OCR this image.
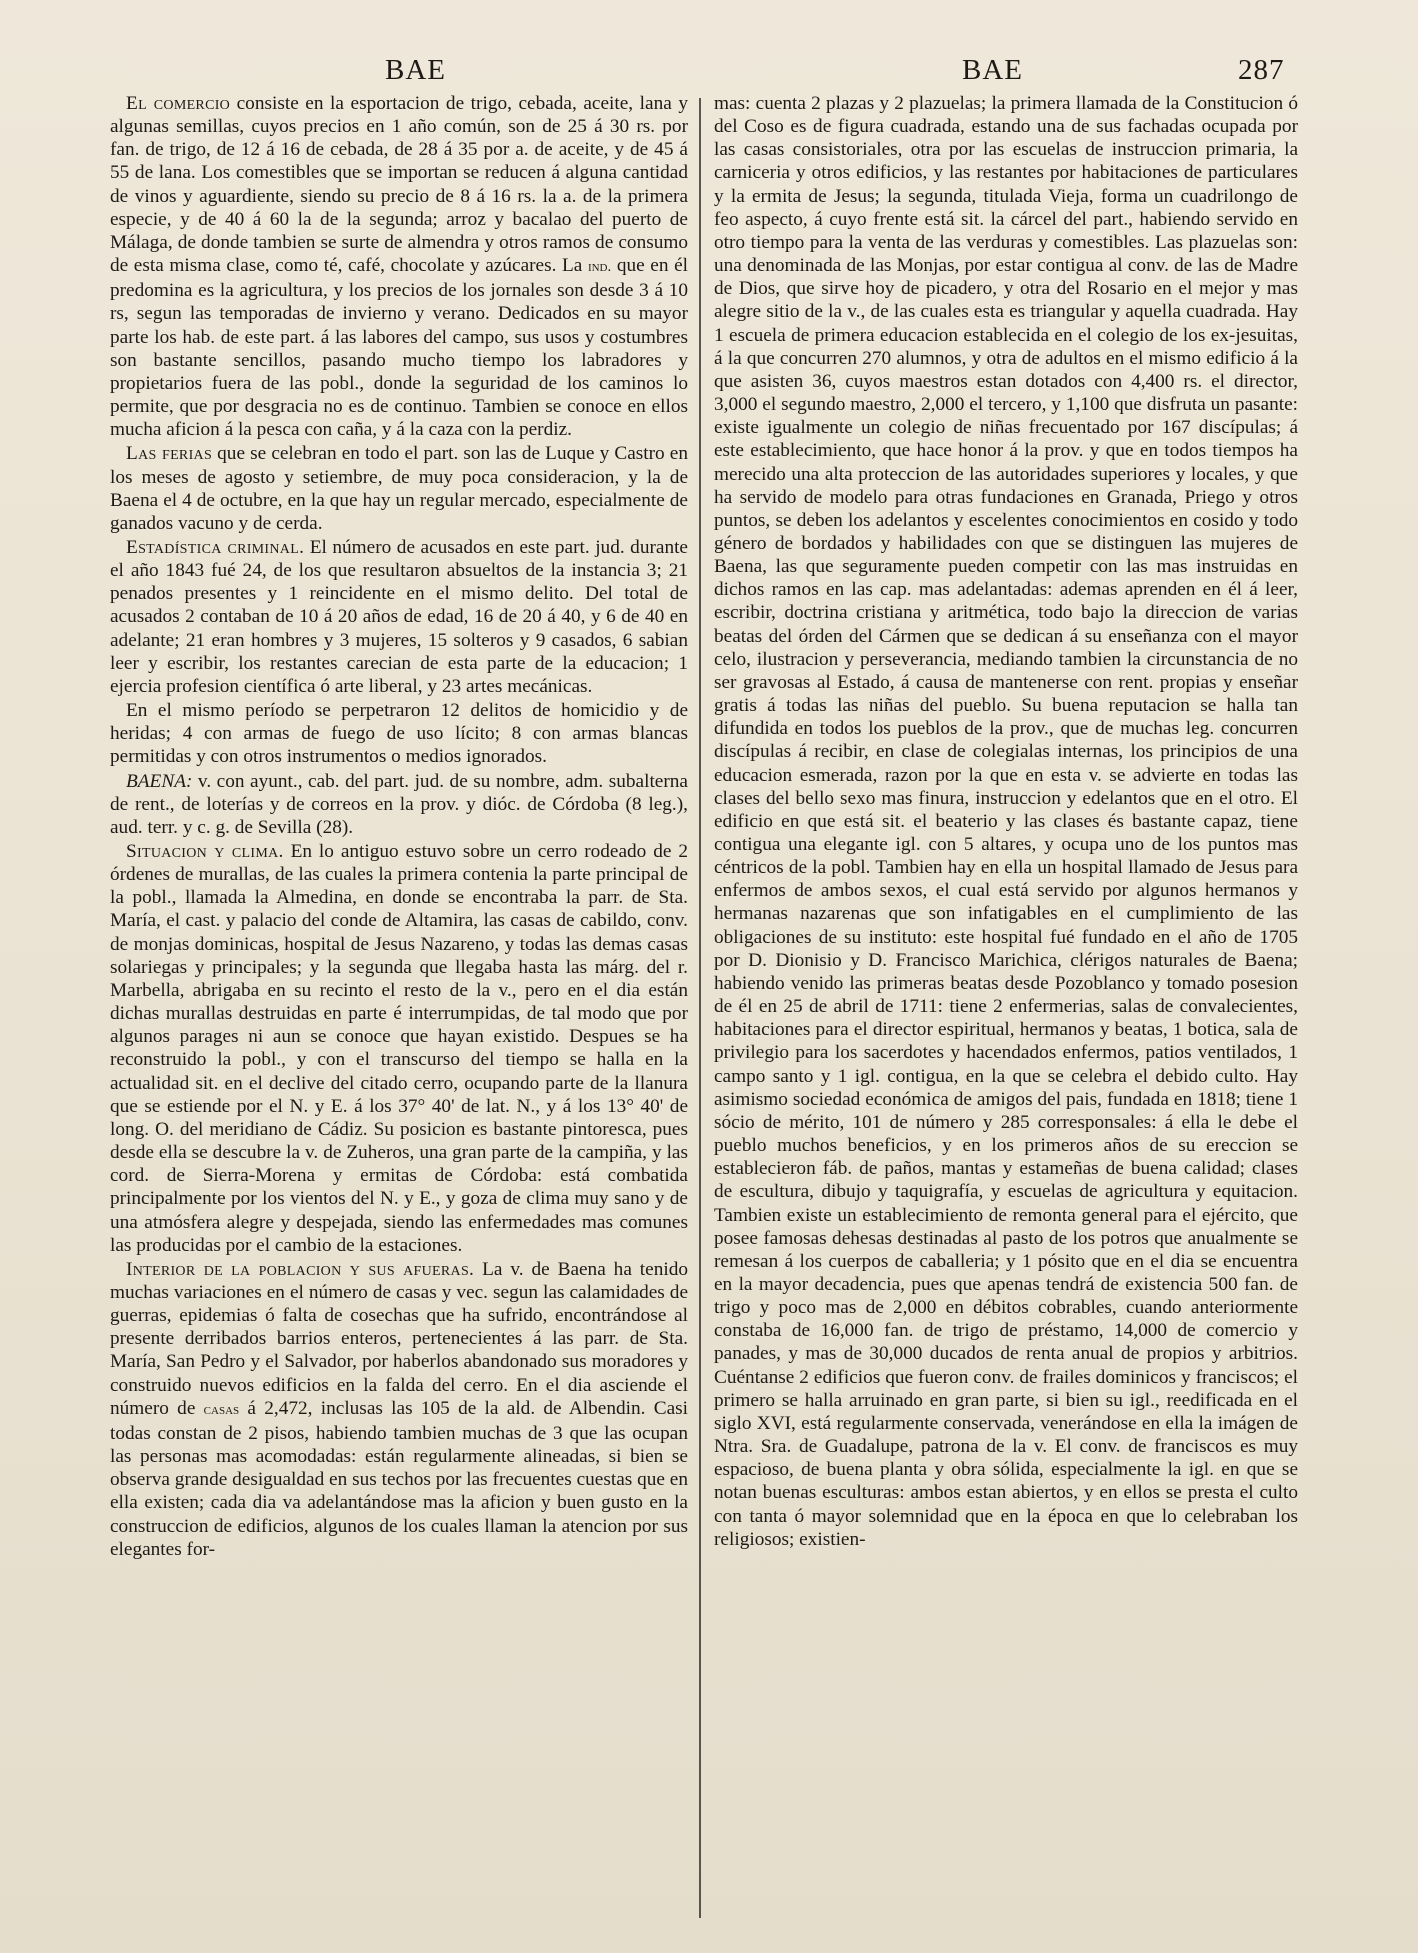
BAE	BAE	287

El comercio consiste en la esportacion de trigo, cebada, aceite, lana y algunas semillas, cuyos precios en 1 año común, son de 25 á 30 rs. por fan. de trigo, de 12 á 16 de cebada, de 28 á 35 por a. de aceite, y de 45 á 55 de lana. Los comestibles que se importan se reducen á alguna cantidad de vinos y aguardiente, siendo su precio de 8 á 16 rs. la a. de la primera especie, y de 40 á 60 la de la segunda; arroz y bacalao del puerto de Málaga, de donde tambien se surte de almendra y otros ramos de consumo de esta misma clase, como té, café, chocolate y azúcares. La ind. que en él predomina es la agricultura, y los precios de los jornales son desde 3 á 10 rs, segun las temporadas de invierno y verano. Dedicados en su mayor parte los hab. de este part. á las labores del campo, sus usos y costumbres son bastante sencillos, pasando mucho tiempo los labradores y propietarios fuera de las pobl., donde la seguridad de los caminos lo permite, que por desgracia no es de continuo. Tambien se conoce en ellos mucha aficion á la pesca con caña, y á la caza con la perdiz.

Las ferias que se celebran en todo el part. son las de Luque y Castro en los meses de agosto y setiembre, de muy poca consideracion, y la de Baena el 4 de octubre, en la que hay un regular mercado, especialmente de ganados vacuno y de cerda.

Estadística criminal. El número de acusados en este part. jud. durante el año 1843 fué 24, de los que resultaron absueltos de la instancia 3; 21 penados presentes y 1 reincidente en el mismo delito. Del total de acusados 2 contaban de 10 á 20 años de edad, 16 de 20 á 40, y 6 de 40 en adelante; 21 eran hombres y 3 mujeres, 15 solteros y 9 casados, 6 sabian leer y escribir, los restantes carecian de esta parte de la educacion; 1 ejercia profesion científica ó arte liberal, y 23 artes mecánicas.

En el mismo período se perpetraron 12 delitos de homicidio y de heridas; 4 con armas de fuego de uso lícito; 8 con armas blancas permitidas y con otros instrumentos o medios ignorados.

BAENA: v. con ayunt., cab. del part. jud. de su nombre, adm. subalterna de rent., de loterías y de correos en la prov. y dióc. de Córdoba (8 leg.), aud. terr. y c. g. de Sevilla (28).

Situacion y clima. En lo antiguo estuvo sobre un cerro rodeado de 2 órdenes de murallas, de las cuales la primera contenia la parte principal de la pobl., llamada la Almedina, en donde se encontraba la parr. de Sta. María, el cast. y palacio del conde de Altamira, las casas de cabildo, conv. de monjas dominicas, hospital de Jesus Nazareno, y todas las demas casas solariegas y principales; y la segunda que llegaba hasta las márg. del r. Marbella, abrigaba en su recinto el resto de la v., pero en el dia están dichas murallas destruidas en parte é interrumpidas, de tal modo que por algunos parages ni aun se conoce que hayan existido. Despues se ha reconstruido la pobl., y con el transcurso del tiempo se halla en la actualidad sit. en el declive del citado cerro, ocupando parte de la llanura que se estiende por el N. y E. á los 37° 40' de lat. N., y á los 13° 40' de long. O. del meridiano de Cádiz. Su posicion es bastante pintoresca, pues desde ella se descubre la v. de Zuheros, una gran parte de la campiña, y las cord. de Sierra-Morena y ermitas de Córdoba: está combatida principalmente por los vientos del N. y E., y goza de clima muy sano y de una atmósfera alegre y despejada, siendo las enfermedades mas comunes las producidas por el cambio de la estaciones.

Interior de la poblacion y sus afueras. La v. de Baena ha tenido muchas variaciones en el número de casas y vec. segun las calamidades de guerras, epidemias ó falta de cosechas que ha sufrido, encontrándose al presente derribados barrios enteros, pertenecientes á las parr. de Sta. María, San Pedro y el Salvador, por haberlos abandonado sus moradores y construido nuevos edificios en la falda del cerro. En el dia asciende el número de casas á 2,472, inclusas las 105 de la ald. de Albendin. Casi todas constan de 2 pisos, habiendo tambien muchas de 3 que las ocupan las personas mas acomodadas: están regularmente alineadas, si bien se observa grande desigualdad en sus techos por las frecuentes cuestas que en ella existen; cada dia va adelantándose mas la aficion y buen gusto en la construccion de edificios, algunos de los cuales llaman la atencion por sus elegantes for-

mas: cuenta 2 plazas y 2 plazuelas; la primera llamada de la Constitucion ó del Coso es de figura cuadrada, estando una de sus fachadas ocupada por las casas consistoriales, otra por las escuelas de instruccion primaria, la carniceria y otros edificios, y las restantes por habitaciones de particulares y la ermita de Jesus; la segunda, titulada Vieja, forma un cuadrilongo de feo aspecto, á cuyo frente está sit. la cárcel del part., habiendo servido en otro tiempo para la venta de las verduras y comestibles. Las plazuelas son: una denominada de las Monjas, por estar contigua al conv. de las de Madre de Dios, que sirve hoy de picadero, y otra del Rosario en el mejor y mas alegre sitio de la v., de las cuales esta es triangular y aquella cuadrada. Hay 1 escuela de primera educacion establecida en el colegio de los ex-jesuitas, á la que concurren 270 alumnos, y otra de adultos en el mismo edificio á la que asisten 36, cuyos maestros estan dotados con 4,400 rs. el director, 3,000 el segundo maestro, 2,000 el tercero, y 1,100 que disfruta un pasante: existe igualmente un colegio de niñas frecuentado por 167 discípulas; á este establecimiento, que hace honor á la prov. y que en todos tiempos ha merecido una alta proteccion de las autoridades superiores y locales, y que ha servido de modelo para otras fundaciones en Granada, Priego y otros puntos, se deben los adelantos y escelentes conocimientos en cosido y todo género de bordados y habilidades con que se distinguen las mujeres de Baena, las que seguramente pueden competir con las mas instruidas en dichos ramos en las cap. mas adelantadas: ademas aprenden en él á leer, escribir, doctrina cristiana y aritmética, todo bajo la direccion de varias beatas del órden del Cármen que se dedican á su enseñanza con el mayor celo, ilustracion y perseverancia, mediando tambien la circunstancia de no ser gravosas al Estado, á causa de mantenerse con rent. propias y enseñar gratis á todas las niñas del pueblo. Su buena reputacion se halla tan difundida en todos los pueblos de la prov., que de muchas leg. concurren discípulas á recibir, en clase de colegialas internas, los principios de una educacion esmerada, razon por la que en esta v. se advierte en todas las clases del bello sexo mas finura, instruccion y edelantos que en el otro. El edificio en que está sit. el beaterio y las clases és bastante capaz, tiene contigua una elegante igl. con 5 altares, y ocupa uno de los puntos mas céntricos de la pobl. Tambien hay en ella un hospital llamado de Jesus para enfermos de ambos sexos, el cual está servido por algunos hermanos y hermanas nazarenas que son infatigables en el cumplimiento de las obligaciones de su instituto: este hospital fué fundado en el año de 1705 por D. Dionisio y D. Francisco Marichica, clérigos naturales de Baena; habiendo venido las primeras beatas desde Pozoblanco y tomado posesion de él en 25 de abril de 1711: tiene 2 enfermerias, salas de convalecientes, habitaciones para el director espiritual, hermanos y beatas, 1 botica, sala de privilegio para los sacerdotes y hacendados enfermos, patios ventilados, 1 campo santo y 1 igl. contigua, en la que se celebra el debido culto. Hay asimismo sociedad económica de amigos del pais, fundada en 1818; tiene 1 sócio de mérito, 101 de número y 285 corresponsales: á ella le debe el pueblo muchos beneficios, y en los primeros años de su ereccion se establecieron fáb. de paños, mantas y estameñas de buena calidad; clases de escultura, dibujo y taquigrafía, y escuelas de agricultura y equitacion. Tambien existe un establecimiento de remonta general para el ejército, que posee famosas dehesas destinadas al pasto de los potros que anualmente se remesan á los cuerpos de caballeria; y 1 pósito que en el dia se encuentra en la mayor decadencia, pues que apenas tendrá de existencia 500 fan. de trigo y poco mas de 2,000 en débitos cobrables, cuando anteriormente constaba de 16,000 fan. de trigo de préstamo, 14,000 de comercio y panades, y mas de 30,000 ducados de renta anual de propios y arbitrios. Cuéntanse 2 edificios que fueron conv. de frailes dominicos y franciscos; el primero se halla arruinado en gran parte, si bien su igl., reedificada en el siglo XVI, está regularmente conservada, venerándose en ella la imágen de Ntra. Sra. de Guadalupe, patrona de la v. El conv. de franciscos es muy espacioso, de buena planta y obra sólida, especialmente la igl. en que se notan buenas esculturas: ambos estan abiertos, y en ellos se presta el culto con tanta ó mayor solemnidad que en la época en que lo celebraban los religiosos; existien-
